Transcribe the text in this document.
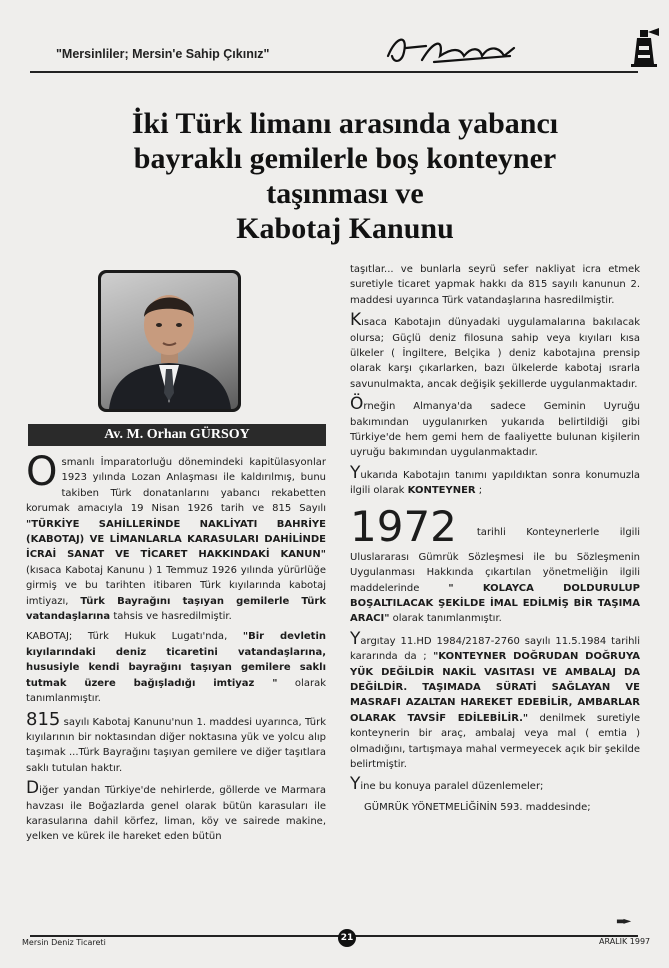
"Mersinliler; Mersin'e Sahip Çıkınız"
İki Türk limanı arasında yabancı
bayraklı gemilerle boş konteyner
taşınması ve
Kabotaj Kanunu
Av. M. Orhan GÜRSOY

Osmanlı İmparatorluğu dönemindeki kapitülasyonlar 1923 yılında Lozan Anlaşması ile kaldırılmış, bunu takiben Türk donatanlarını yabancı rekabetten korumak amacıyla 19 Nisan 1926 tarih ve 815 Sayılı "TÜRKİYE SAHİLLERİNDE NAKLİYATI BAHRİYE (KABOTAJ) VE LİMANLARLA KARASULARI DAHİLİNDE İCRAİ SANAT VE TİCARET HAKKINDAKİ KANUN" (kısaca Kabotaj Kanunu ) 1 Temmuz 1926 yılında yürürlüğe girmiş ve bu tarihten itibaren Türk kıyılarında kabotaj imtiyazı, Türk Bayrağını taşıyan gemilerle Türk vatandaşlarına tahsis ve hasredilmiştir.

KABOTAJ; Türk Hukuk Lugatı'nda, "Bir devletin kıyılarındaki deniz ticaretini vatandaşlarına, hususiyle kendi bayrağını taşıyan gemilere saklı tutmak üzere bağışladığı imtiyaz " olarak tanımlanmıştır.

815 sayılı Kabotaj Kanunu'nun 1. maddesi uyarınca, Türk kıyılarının bir noktasından diğer noktasına yük ve yolcu alıp taşımak ...Türk Bayrağını taşıyan gemilere ve diğer taşıtlara saklı tutulan haktır.

Diğer yandan Türkiye'de nehirlerde, göllerde ve Marmara havzası ile Boğazlarda genel olarak bütün karasuları ile karasularına dahil körfez, liman, köy ve sairede makine, yelken ve kürek ile hareket eden bütün

taşıtlar... ve bunlarla seyrü sefer nakliyat icra etmek suretiyle ticaret yapmak hakkı da 815 sayılı kanunun 2. maddesi uyarınca Türk vatandaşlarına hasredilmiştir.

Kısaca Kabotajın dünyadaki uygulamalarına bakılacak olursa; Güçlü deniz filosuna sahip veya kıyıları kısa ülkeler ( İngiltere, Belçika ) deniz kabotajına prensip olarak karşı çıkarlarken, bazı ülkelerde kabotaj ısrarla savunulmakta, ancak değişik şekillerde uygulanmaktadır.

Örneğin Almanya'da sadece Geminin Uyruğu bakımından uygulanırken yukarıda belirtildiği gibi Türkiye'de hem gemi hem de faaliyette bulunan kişilerin uyruğu bakımından uygulanmaktadır.

Yukarıda Kabotajın tanımı yapıldıktan sonra konumuzla ilgili olarak KONTEYNER ;

1972 tarihli Konteynerlerle ilgili Uluslararası Gümrük Sözleşmesi ile bu Sözleşmenin Uygulanması Hakkında çıkartılan yönetmeliğin ilgili maddelerinde " KOLAYCA DOLDURULUP BOŞALTILACAK ŞEKİLDE İMAL EDİLMİŞ BİR TAŞIMA ARACI" olarak tanımlanmıştır.

Yargıtay 11.HD 1984/2187-2760 sayılı 11.5.1984 tarihli kararında da ; "KONTEYNER DOĞRUDAN DOĞRUYA YÜK DEĞİLDİR NAKİL VASITASI VE AMBALAJ DA DEĞİLDİR. TAŞIMADA SÜRATİ SAĞLAYAN VE MASRAFI AZALTAN HAREKET EDEBİLİR, AMBARLAR OLARAK TAVSİF EDİLEBİLİR." denilmek suretiyle konteynerin bir araç, ambalaj veya mal ( emtia ) olmadığını, tartışmaya mahal vermeyecek açık bir şekilde belirtmiştir.

Yine bu konuya paralel düzenlemeler;

GÜMRÜK YÖNETMELİĞİNİN 593. maddesinde;

▬►
Mersin Deniz Ticareti	21	ARALIK 1997
